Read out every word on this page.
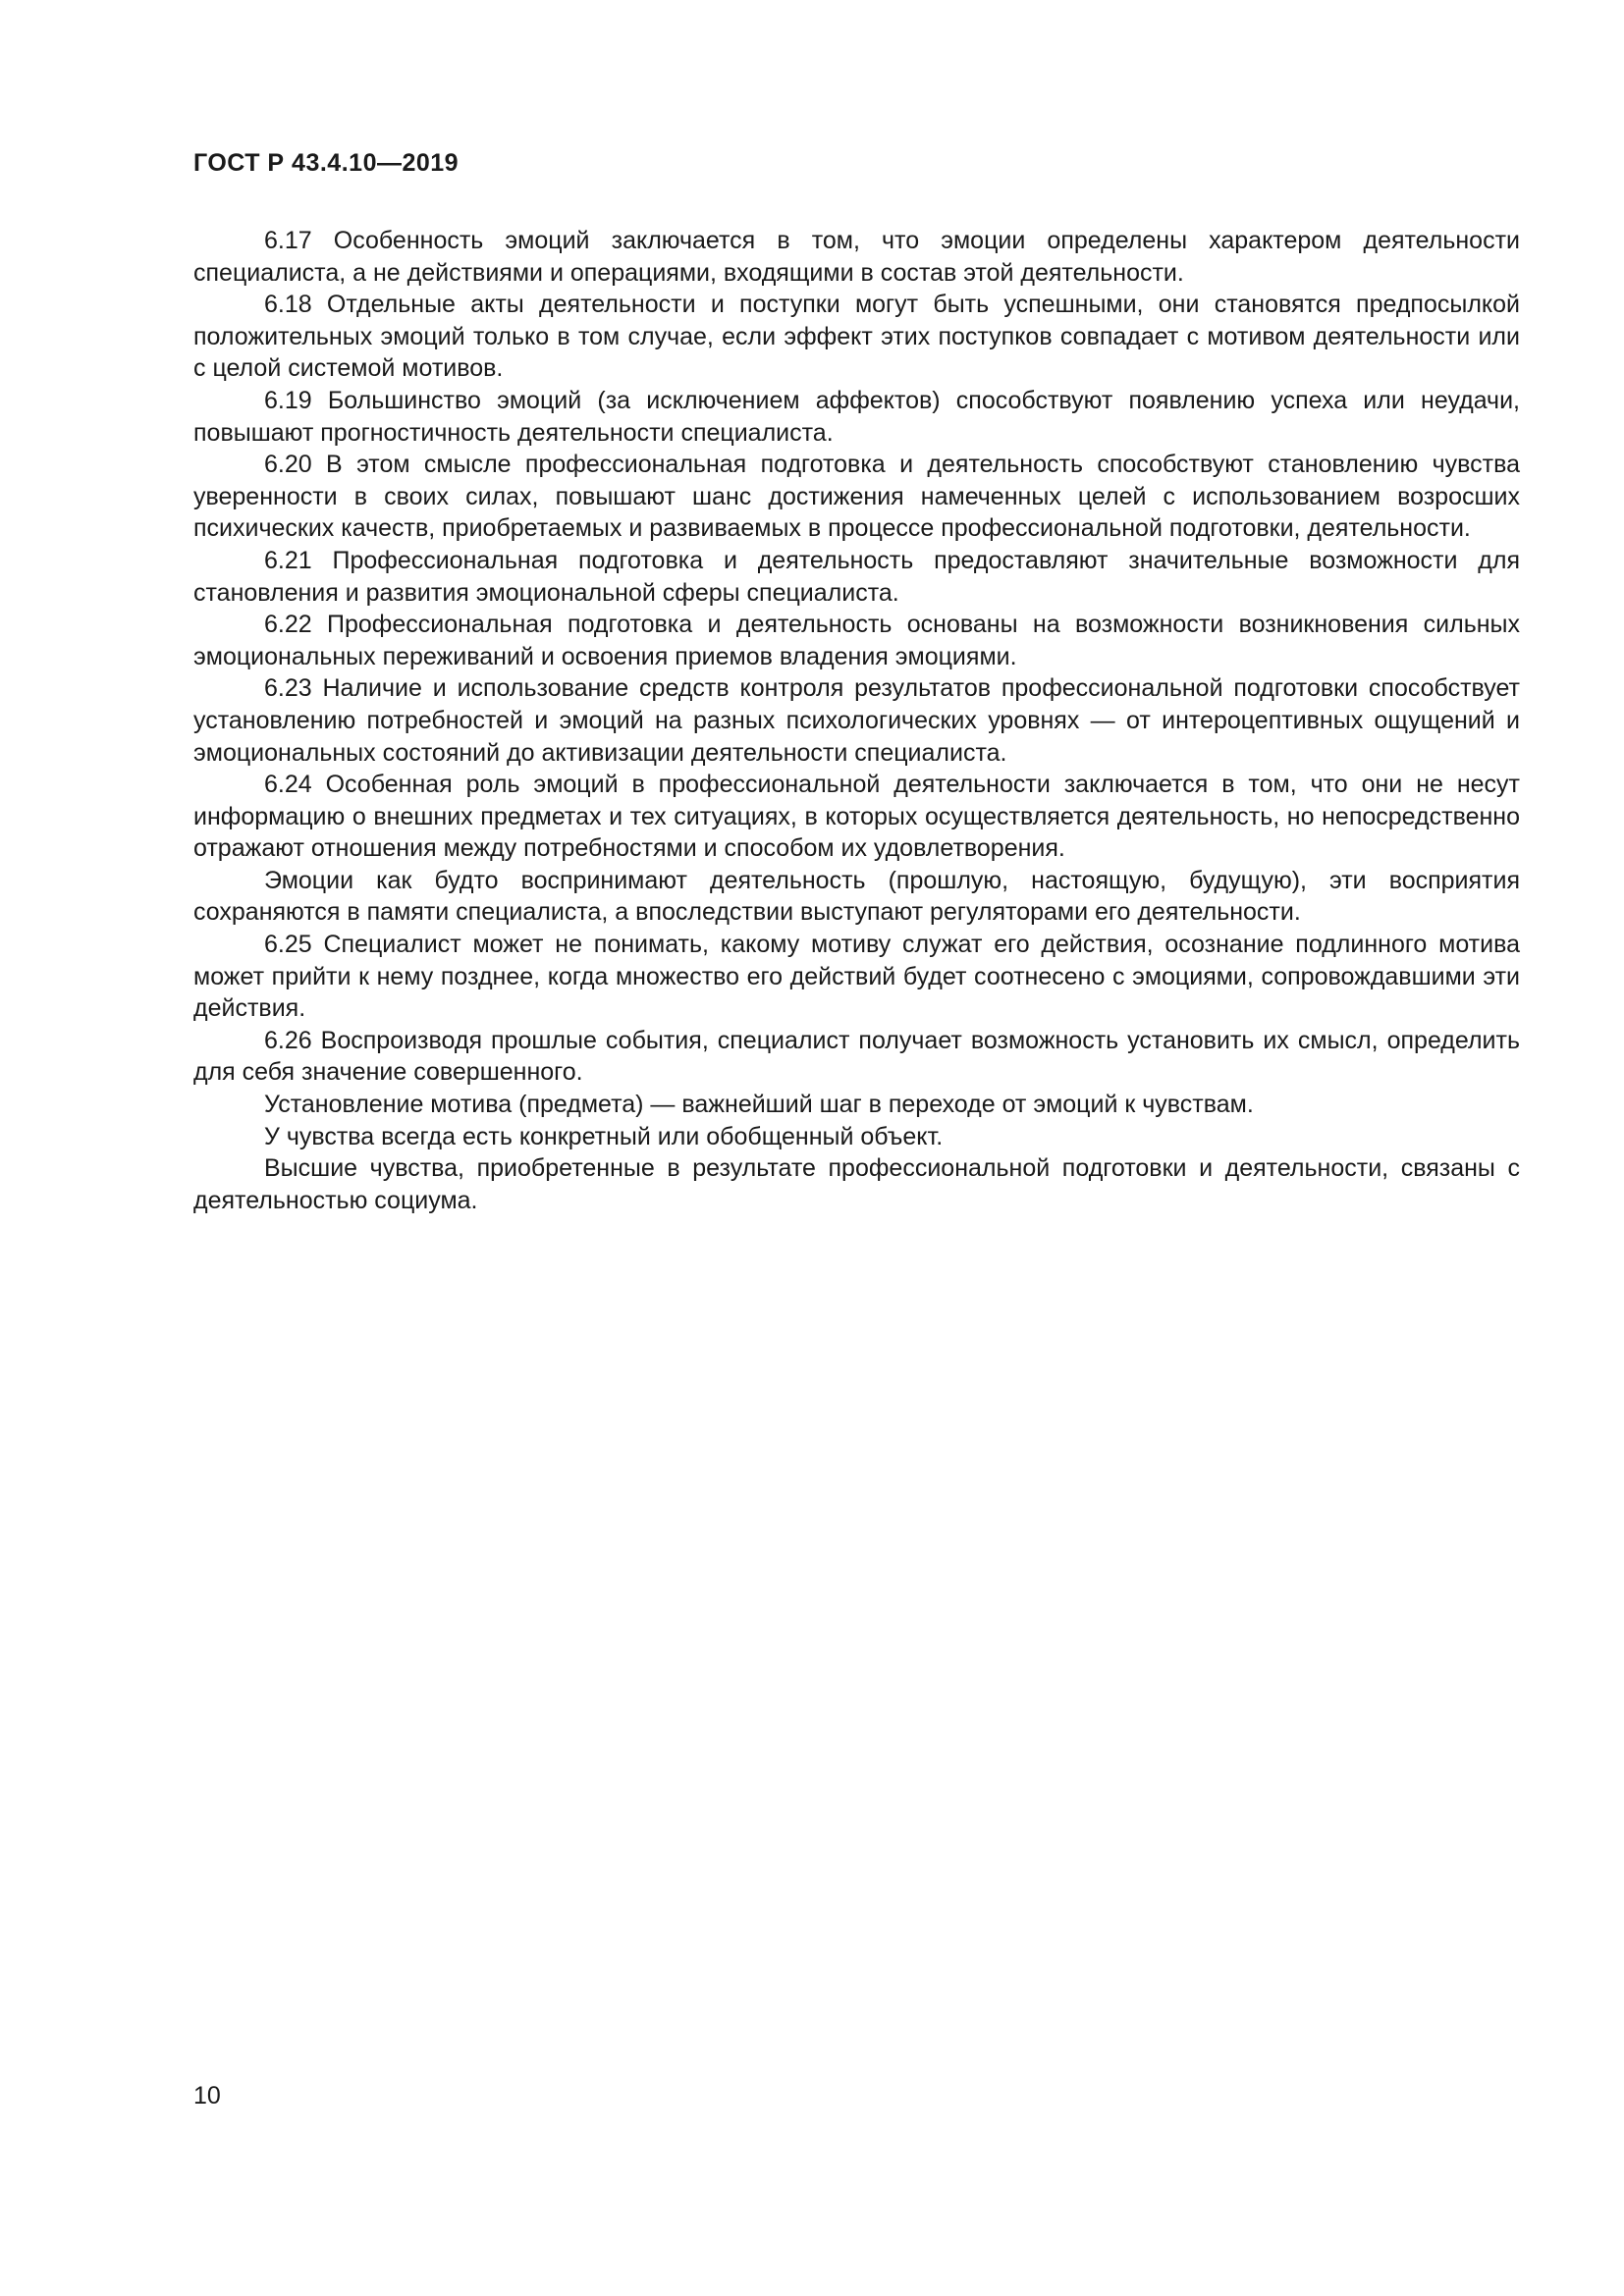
ГОСТ Р 43.4.10—2019

6.17 Особенность эмоций заключается в том, что эмоции определены характером деятельности специалиста, а не действиями и операциями, входящими в состав этой деятельности.

6.18 Отдельные акты деятельности и поступки могут быть успешными, они становятся предпосылкой положительных эмоций только в том случае, если эффект этих поступков совпадает с мотивом деятельности или с целой системой мотивов.

6.19 Большинство эмоций (за исключением аффектов) способствуют появлению успеха или неудачи, повышают прогностичность деятельности специалиста.

6.20 В этом смысле профессиональная подготовка и деятельность способствуют становлению чувства уверенности в своих силах, повышают шанс достижения намеченных целей с использованием возросших психических качеств, приобретаемых и развиваемых в процессе профессиональной подготовки, деятельности.

6.21 Профессиональная подготовка и деятельность предоставляют значительные возможности для становления и развития эмоциональной сферы специалиста.

6.22 Профессиональная подготовка и деятельность основаны на возможности возникновения сильных эмоциональных переживаний и освоения приемов владения эмоциями.

6.23 Наличие и использование средств контроля результатов профессиональной подготовки способствует установлению потребностей и эмоций на разных психологических уровнях — от интероцептивных ощущений и эмоциональных состояний до активизации деятельности специалиста.

6.24 Особенная роль эмоций в профессиональной деятельности заключается в том, что они не несут информацию о внешних предметах и тех ситуациях, в которых осуществляется деятельность, но непосредственно отражают отношения между потребностями и способом их удовлетворения.

Эмоции как будто воспринимают деятельность (прошлую, настоящую, будущую), эти восприятия сохраняются в памяти специалиста, а впоследствии выступают регуляторами его деятельности.

6.25 Специалист может не понимать, какому мотиву служат его действия, осознание подлинного мотива может прийти к нему позднее, когда множество его действий будет соотнесено с эмоциями, сопровождавшими эти действия.

6.26 Воспроизводя прошлые события, специалист получает возможность установить их смысл, определить для себя значение совершенного.

Установление мотива (предмета) — важнейший шаг в переходе от эмоций к чувствам.

У чувства всегда есть конкретный или обобщенный объект.

Высшие чувства, приобретенные в результате профессиональной подготовки и деятельности, связаны с деятельностью социума.

10
